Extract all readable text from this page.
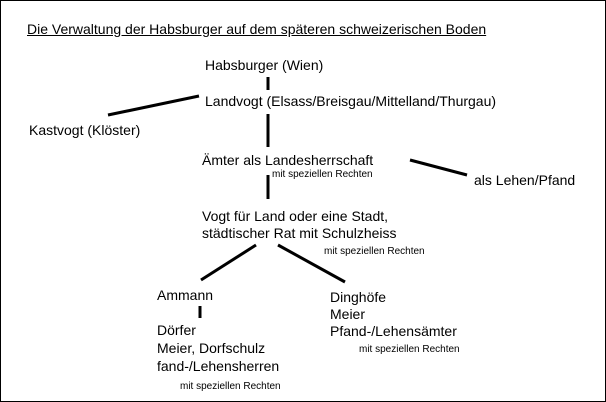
Die Verwaltung der Habsburger auf dem späteren schweizerischen Boden
Habsburger (Wien)
Landvogt (Elsass/Breisgau/Mittelland/Thurgau)
Kastvogt (Klöster)
Ämter als Landesherrschaft
mit speziellen Rechten	als Lehen/Pfand
Vogt für Land oder eine Stadt,
städtischer Rat mit Schulzheiss
mit speziellen Rechten
Ammann
Dörfer
Meier, Dorfschulz
fand-/Lehensherren
mit speziellen Rechten
Dinghöfe
Meier
Pfand-/Lehensämter
mit speziellen Rechten
